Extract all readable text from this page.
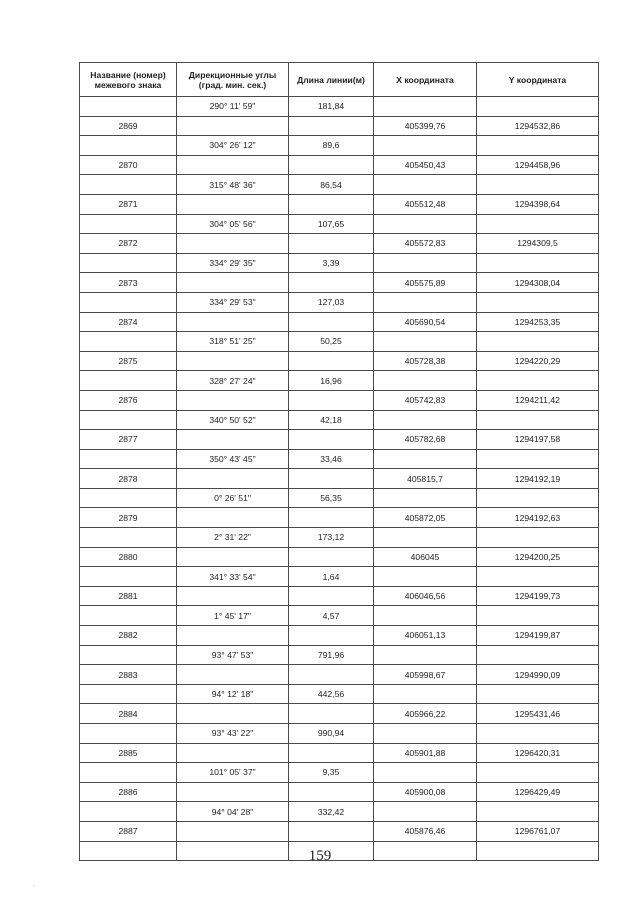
Название (номер) межевого знака	Дирекционные углы (град. мин. сек.)	Длина линии(м)	X координата	Y координата
	290° 11' 59"	181,84		
2869			405399,76	1294532,86
	304° 26' 12"	89,6		
2870			405450,43	1294458,96
	315° 48' 36"	86,54		
2871			405512,48	1294398,64
	304° 05' 56"	107,65		
2872			405572,83	1294309,5
	334° 29' 35"	3,39		
2873			405575,89	1294308,04
	334° 29' 53"	127,03		
2874			405690,54	1294253,35
	318° 51' 25"	50,25		
2875			405728,38	1294220,29
	328° 27' 24"	16,96		
2876			405742,83	1294211,42
	340° 50' 52"	42,18		
2877			405782,68	1294197,58
	350° 43' 45"	33,46		
2878			405815,7	1294192,19
	0° 26' 51"	56,35		
2879			405872,05	1294192,63
	2° 31' 22"	173,12		
2880			406045	1294200,25
	341° 33' 54"	1,64		
2881			406046,56	1294199,73
	1° 45' 17"	4,57		
2882			406051,13	1294199,87
	93° 47' 53"	791,96		
2883			405998,67	1294990,09
	94° 12' 18"	442,56		
2884			405966,22	1295431,46
	93° 43' 22"	990,94		
2885			405901,88	1296420,31
	101° 05' 37"	9,35		
2886			405900,08	1296429,49
	94° 04' 28"	332,42		
2887			405876,46	1296761,07

159
.
